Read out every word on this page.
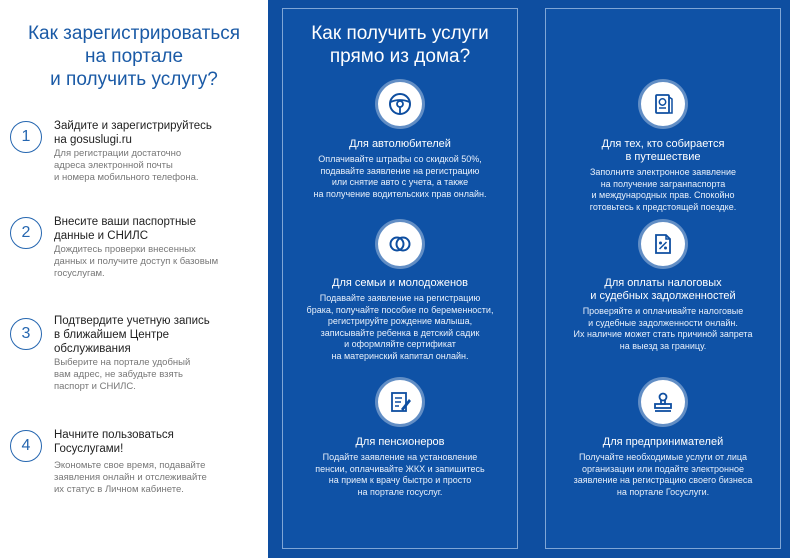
Как зарегистрироваться
на портале
и получить услугу?
1
Зайдите и зарегистрируйтесь
на gosuslugi.ru
Для регистрации достаточно
адреса электронной почты
и номера мобильного телефона.
2
Внесите ваши паспортные
данные и СНИЛС
Дождитесь проверки внесенных
данных и получите доступ к базовым
госуслугам.
3
Подтвердите учетную запись
в ближайшем Центре
обслуживания
Выберите на портале удобный
вам адрес, не забудьте взять
паспорт и СНИЛС.
4
Начните пользоваться
Госуслугами!
Экономьте свое время, подавайте
заявления онлайн и отслеживайте
их статус в Личном кабинете.
Как получить услуги
прямо из дома?
Для автолюбителей
Оплачивайте штрафы со скидкой 50%,
подавайте заявление на регистрацию
или снятие авто с учета, а также
на получение водительских прав онлайн.
Для семьи и молодоженов
Подавайте заявление на регистрацию
брака, получайте пособие по беременности,
регистрируйте рождение малыша,
записывайте ребенка в детский садик
и оформляйте сертификат
на материнский капитал онлайн.
Для пенсионеров
Подайте заявление на установление
пенсии, оплачивайте ЖКХ и запишитесь
на прием к врачу быстро и просто
на портале госуслуг.
Для тех, кто собирается
в путешествие
Заполните электронное заявление
на получение загранпаспорта
и международных прав. Спокойно
готовьтесь к предстоящей поездке.
Для оплаты налоговых
и судебных задолженностей
Проверяйте и оплачивайте налоговые
и судебные задолженности онлайн.
Их наличие может стать причиной запрета
на выезд за границу.
Для предпринимателей
Получайте необходимые услуги от лица
организации или подайте электронное
заявление на регистрацию своего бизнеса
на портале Госуслуги.
